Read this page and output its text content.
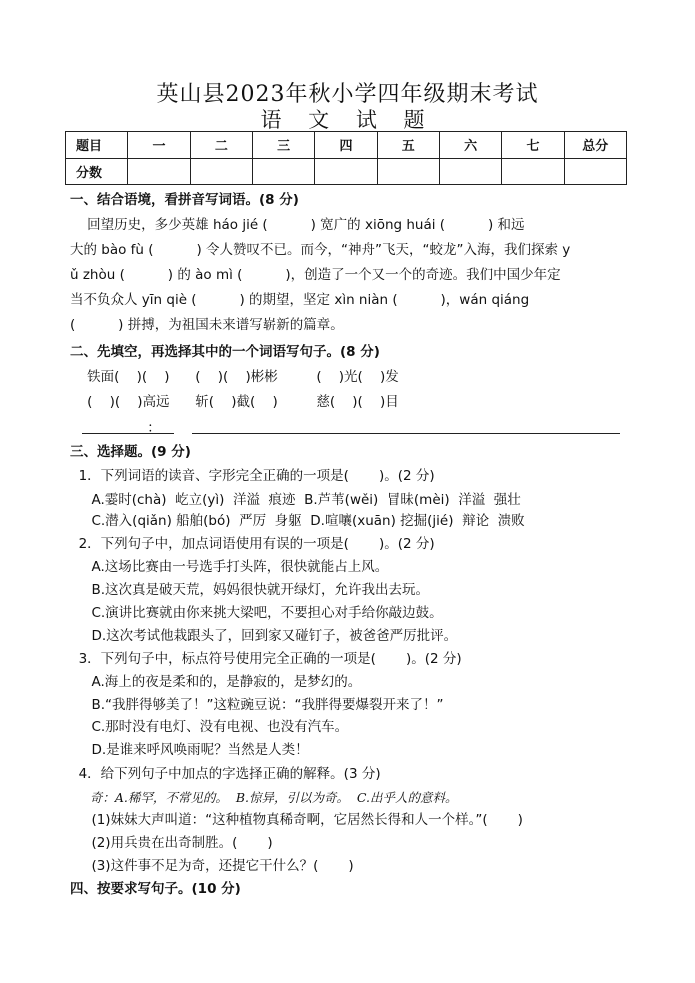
英山县2023年秋小学四年级期末考试
语 文 试 题
题目	一	二	三	四	五	六	七	总分
分数								
一、结合语境，看拼音写词语。(8 分)
回望历史，多少英雄 háo jié (          ) 宽广的 xiōng huái (          ) 和远
大的 bào fù (          ) 令人赞叹不已。而今，“神舟”飞天，“蛟龙”入海，我们探索 y
ǔ zhòu (          ) 的 ào mì (          )，创造了一个又一个的奇迹。我们中国少年定
当不负众人 yīn qiè (          ) 的期望，坚定 xìn niàn (          )，wán qiáng
(          ) 拼搏，为祖国未来谱写崭新的篇章。
二、先填空，再选择其中的一个词语写句子。(8 分)
铁面(    )(    )      (    )(    )彬彬         (    )光(    )发
(    )(    )高远      斩(    )截(    )         慈(    )(    )目
：
三、选择题。(9 分)
1．下列词语的读音、字形完全正确的一项是(       )。(2 分)
A.霎时(chà)  屹立(yì)  洋溢  痕迹  B.芦苇(wěi)  冒昧(mèi)  洋溢  强壮
C.潜入(qiǎn) 船舶(bó)  严厉  身躯  D.喧嚷(xuān) 挖掘(jié)  辩论  溃败
2．下列句子中，加点词语使用有误的一项是(       )。(2 分)
A.这场比赛由一号选手打头阵，很快就能占上风。
B.这次真是破天荒，妈妈很快就开绿灯，允许我出去玩。
C.演讲比赛就由你来挑大梁吧，不要担心对手给你敲边鼓。
D.这次考试他栽跟头了，回到家又碰钉子，被爸爸严厉批评。
3．下列句子中，标点符号使用完全正确的一项是(       )。(2 分)
A.海上的夜是柔和的，是静寂的，是梦幻的。
B.“我胖得够美了！”这粒豌豆说：“我胖得要爆裂开来了！”
C.那时没有电灯、没有电视、也没有汽车。
D.是谁来呼风唤雨呢？当然是人类！
4．给下列句子中加点的字选择正确的解释。(3 分)
奇：A.稀罕，不常见的。  B.惊异，引以为奇。  C.出乎人的意料。
(1)妹妹大声叫道：“这种植物真稀奇啊，它居然长得和人一个样。”(       )
(2)用兵贵在出奇制胜。(       )
(3)这件事不足为奇，还提它干什么？(       )
四、按要求写句子。(10 分)
